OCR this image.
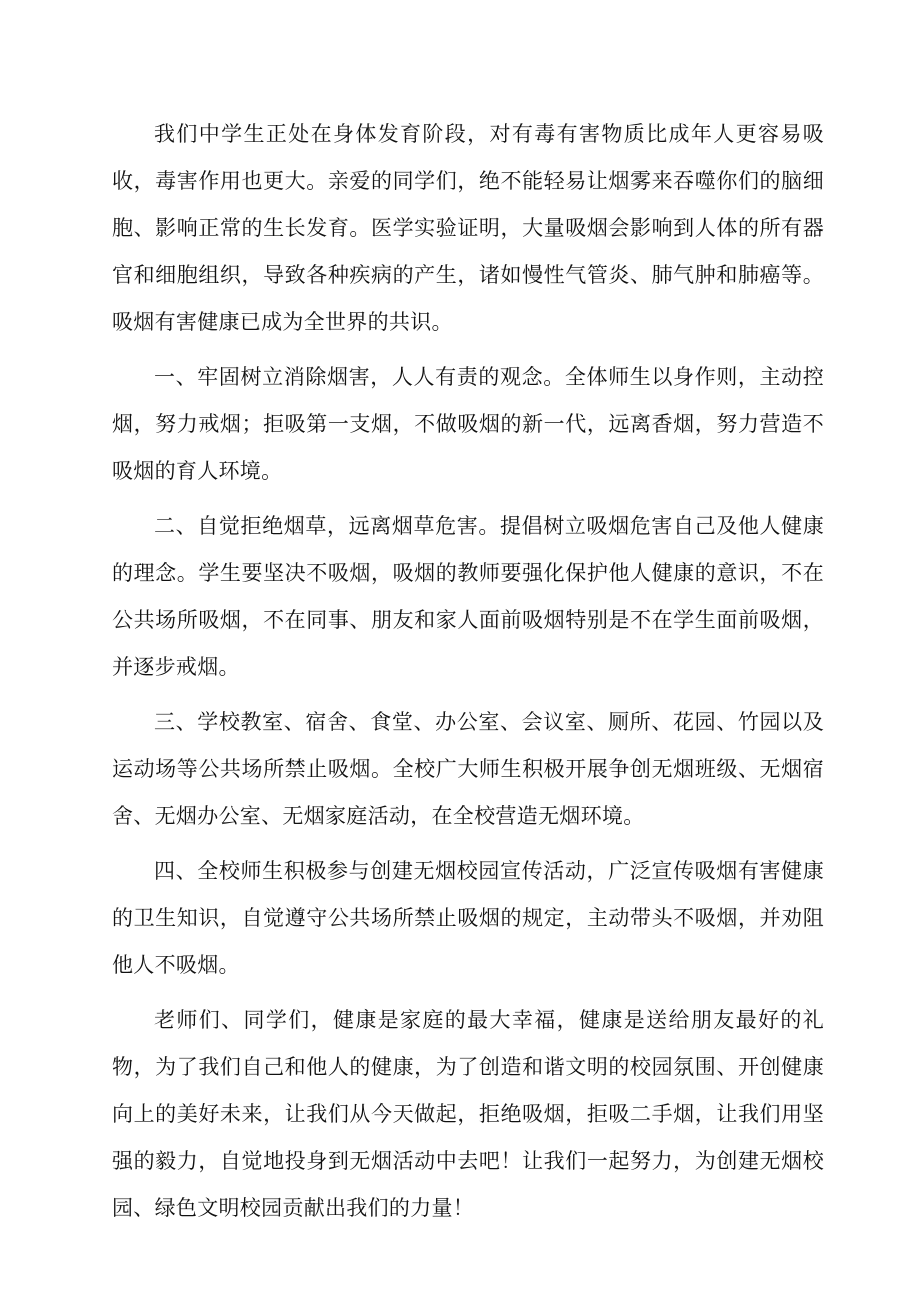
我们中学生正处在身体发育阶段，对有毒有害物质比成年人更容易吸收，毒害作用也更大。亲爱的同学们，绝不能轻易让烟雾来吞噬你们的脑细胞、影响正常的生长发育。医学实验证明，大量吸烟会影响到人体的所有器官和细胞组织，导致各种疾病的产生，诸如慢性气管炎、肺气肿和肺癌等。吸烟有害健康已成为全世界的共识。

一、牢固树立消除烟害，人人有责的观念。全体师生以身作则，主动控烟，努力戒烟；拒吸第一支烟，不做吸烟的新一代，远离香烟，努力营造不吸烟的育人环境。

二、自觉拒绝烟草，远离烟草危害。提倡树立吸烟危害自己及他人健康的理念。学生要坚决不吸烟，吸烟的教师要强化保护他人健康的意识，不在公共场所吸烟，不在同事、朋友和家人面前吸烟特别是不在学生面前吸烟，并逐步戒烟。

三、学校教室、宿舍、食堂、办公室、会议室、厕所、花园、竹园以及运动场等公共场所禁止吸烟。全校广大师生积极开展争创无烟班级、无烟宿舍、无烟办公室、无烟家庭活动，在全校营造无烟环境。

四、全校师生积极参与创建无烟校园宣传活动，广泛宣传吸烟有害健康的卫生知识，自觉遵守公共场所禁止吸烟的规定，主动带头不吸烟，并劝阻他人不吸烟。

老师们、同学们，健康是家庭的最大幸福，健康是送给朋友最好的礼物，为了我们自己和他人的健康，为了创造和谐文明的校园氛围、开创健康向上的美好未来，让我们从今天做起，拒绝吸烟，拒吸二手烟，让我们用坚强的毅力，自觉地投身到无烟活动中去吧！让我们一起努力，为创建无烟校园、绿色文明校园贡献出我们的力量！
